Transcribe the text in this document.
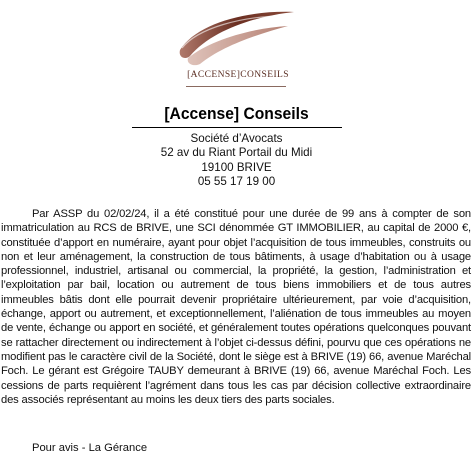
[ACCENSE]CONSEILS
[Accense] Conseils
Société d’Avocats
52 av du Riant Portail du Midi
19100 BRIVE
05 55 17 19 00

Par ASSP du 02/02/24, il a été constitué pour une durée de 99 ans à compter de son immatriculation au RCS de BRIVE, une SCI dénommée GT IMMOBILIER, au capital de 2000 €, constituée d’apport en numéraire, ayant pour objet l’acquisition de tous immeubles, construits ou non et leur aménagement, la construction de tous bâtiments, à usage d’habitation ou à usage professionnel, industriel, artisanal ou commercial, la propriété, la gestion, l’administration et l’exploitation par bail, location ou autrement de tous biens immobiliers et de tous autres immeubles bâtis dont elle pourrait devenir propriétaire ultérieurement, par voie d’acquisition, échange, apport ou autrement, et exceptionnellement, l’aliénation de tous immeubles au moyen de vente, échange ou apport en société, et généralement toutes opérations quelconques pouvant se rattacher directement ou indirectement à l’objet ci-dessus défini, pourvu que ces opérations ne modifient pas le caractère civil de la Société, dont le siège est à BRIVE (19) 66, avenue Maréchal Foch. Le gérant est Grégoire TAUBY demeurant à BRIVE (19) 66, avenue Maréchal Foch. Les cessions de parts requièrent l’agrément dans tous les cas par décision collective extraordinaire des associés représentant au moins les deux tiers des parts sociales.

Pour avis - La Gérance
